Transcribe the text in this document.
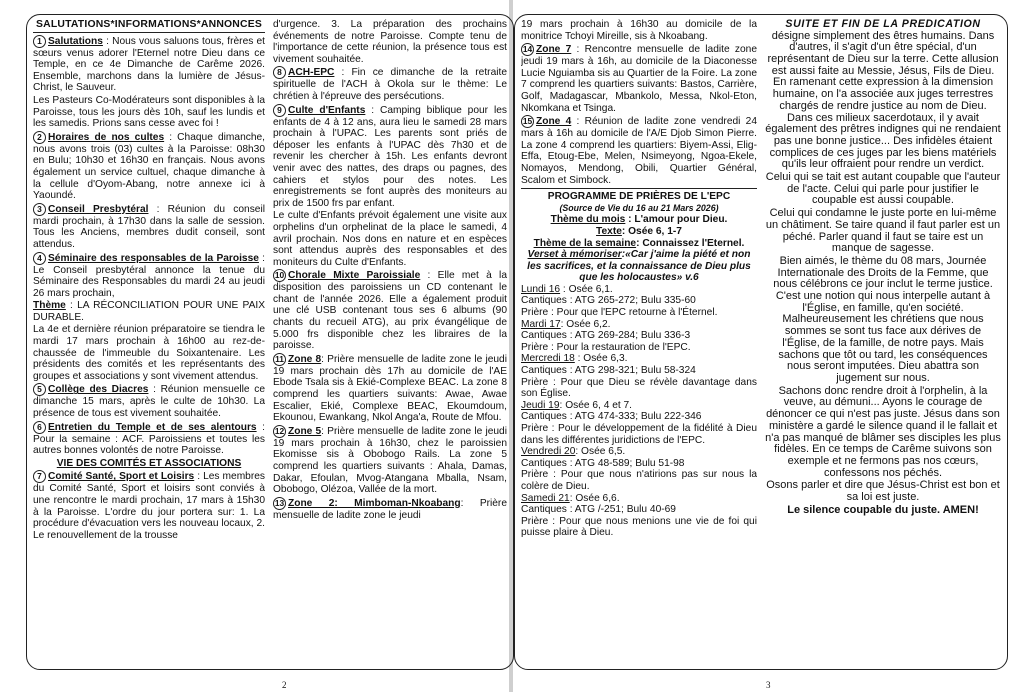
SALUTATIONS*INFORMATIONS*ANNONCES

1 Salutations : Nous vous saluons tous, frères et sœurs venus adorer l'Eternel notre Dieu dans ce Temple, en ce 4e Dimanche de Carême 2026. Ensemble, marchons dans la lumière de Jésus-Christ, le Sauveur.

Les Pasteurs Co-Modérateurs sont disponibles à la Paroisse, tous les jours dès 10h, sauf les lundis et les samedis. Prions sans cesse avec foi !

2 Horaires de nos cultes : Chaque dimanche, nous avons trois (03) cultes à la Paroisse: 08h30 en Bulu; 10h30 et 16h30 en français. Nous avons également un service cultuel, chaque dimanche à la cellule d'Oyom-Abang, notre annexe ici à Yaoundé.

3 Conseil Presbytéral : Réunion du conseil mardi prochain, à 17h30 dans la salle de session. Tous les Anciens, membres dudit conseil, sont attendus.

4 Séminaire des responsables de la Paroisse : Le Conseil presbytéral annonce la tenue du Séminaire des Responsables du mardi 24 au jeudi 26 mars prochain,

Thème : LA RÉCONCILIATION POUR UNE PAIX DURABLE.

La 4e et dernière réunion préparatoire se tiendra le mardi 17 mars prochain à 16h00 au rez-de-chaussée de l'immeuble du Soixantenaire. Les présidents des comités et les représentants des groupes et associations y sont vivement attendus.

5 Collège des Diacres : Réunion mensuelle ce dimanche 15 mars, après le culte de 10h30. La présence de tous est vivement souhaitée.

6 Entretien du Temple et de ses alentours : Pour la semaine : ACF. Paroissiens et toutes les autres bonnes volontés de notre Paroisse.

VIE DES COMITÉS ET ASSOCIATIONS

7 Comité Santé, Sport et Loisirs : Les membres du Comité Santé, Sport et loisirs sont conviés à une rencontre le mardi prochain, 17 mars à 15h30 à la Paroisse. L'ordre du jour portera sur: 1. La procédure d'évacuation vers les nouveau locaux, 2. Le renouvellement de la trousse

d'urgence. 3. La préparation des prochains événements de notre Paroisse. Compte tenu de l'importance de cette réunion, la présence tous est vivement souhaitée.

8 ACH-EPC : Fin ce dimanche de la retraite spirituelle de l'ACH à Okola sur le thème: Le chrétien à l'épreuve des persécutions.

9 Culte d'Enfants : Camping biblique pour les enfants de 4 à 12 ans, aura lieu le samedi 28 mars prochain à l'UPAC. Les parents sont priés de déposer les enfants à l'UPAC dès 7h30 et de revenir les chercher à 15h. Les enfants devront venir avec des nattes, des draps ou pagnes, des cahiers et stylos pour des notes. Les enregistrements se font auprès des moniteurs au prix de 1500 frs par enfant.

Le culte d'Enfants prévoit également une visite aux orphelins d'un orphelinat de la place le samedi, 4 avril prochain. Nos dons en nature et en espèces sont attendus auprès des responsables et des moniteurs du Culte d'Enfants.

10 Chorale Mixte Paroissiale : Elle met à la disposition des paroissiens un CD contenant le chant de l'année 2026. Elle a également produit une clé USB contenant tous ses 6 albums (90 chants du recueil ATG), au prix évangélique de 5.000 frs disponible chez les libraires de la paroisse.

11 Zone 8: Prière mensuelle de ladite zone le jeudi 19 mars prochain dès 17h au domicile de l'AE Ebode Tsala sis à Ekié-Complexe BEAC. La zone 8 comprend les quartiers suivants: Awae, Awae Escalier, Ekié, Complexe BEAC, Ekoumdoum, Ekounou, Ewankang, Nkol Anga'a, Route de Mfou.

12 Zone 5: Prière mensuelle de ladite zone le jeudi 19 mars prochain à 16h30, chez le paroissien Ekomisse sis à Obobogo Rails. La zone 5 comprend les quartiers suivants : Ahala, Damas, Dakar, Efoulan, Mvog-Atangana Mballa, Nsam, Obobogo, Olézoa, Vallée de la mort.

13 Zone 2: Mimboman-Nkoabang: Prière mensuelle de ladite zone le jeudi

19 mars prochain à 16h30 au domicile de la monitrice Tchoyi Mireille, sis à Nkoabang.

14 Zone 7 : Rencontre mensuelle de ladite zone jeudi 19 mars à 16h, au domicile de la Diaconesse Lucie Nguiamba sis au Quartier de la Foire. La zone 7 comprend les quartiers suivants: Bastos, Carrière, Golf, Madagascar, Mbankolo, Messa, Nkol-Eton, Nkomkana et Tsinga.

15 Zone 4 : Réunion de ladite zone vendredi 24 mars à 16h au domicile de l'A/E Djob Simon Pierre. La zone 4 comprend les quartiers: Biyem-Assi, Elig-Effa, Etoug-Ebe, Melen, Nsimeyong, Ngoa-Ekele, Nomayos, Mendong, Obili, Quartier Général, Scalom et Simbock.

PROGRAMME DE PRIÈRES DE L'EPC
(Source de Vie du 16 au 21 Mars 2026)
Thème du mois : L'amour pour Dieu.
Texte: Osée 6, 1-7
Thème de la semaine: Connaissez l'Eternel.
Verset à mémoriser:«Car j'aime la piété et non les sacrifices, et la connaissance de Dieu plus que les holocaustes» v.6
Lundi 16 : Osée 6,1.
Cantiques : ATG 265-272; Bulu 335-60
Prière : Pour que l'EPC retourne à l'Éternel.
Mardi 17: Osée 6,2.
Cantiques : ATG 269-284; Bulu 336-3
Prière : Pour la restauration de l'EPC.
Mercredi 18 : Osée 6,3.
Cantiques : ATG 298-321; Bulu 58-324
Prière : Pour que Dieu se révèle davantage dans son Église.
Jeudi 19: Osée 6, 4 et 7.
Cantiques : ATG 474-333; Bulu 222-346
Prière : Pour le développement de la fidélité à Dieu dans les différentes juridictions de l'EPC.
Vendredi 20: Osée 6,5.
Cantiques : ATG 48-589; Bulu 51-98
Prière : Pour que nous n'atirions pas sur nous la colère de Dieu.
Samedi 21: Osée 6,6.
Cantiques : ATG /-251; Bulu 40-69
Prière : Pour que nous menions une vie de foi qui puisse plaire à Dieu.
SUITE ET FIN DE LA PRÉDICATION

désigne simplement des êtres humains. Dans d'autres, il s'agit d'un être spécial, d'un représentant de Dieu sur la terre. Cette allusion est aussi faite au Messie, Jésus, Fils de Dieu. En ramenant cette expression à la dimension humaine, on l'a associée aux juges terrestres chargés de rendre justice au nom de Dieu. Dans ces milieux sacerdotaux, il y avait également des prêtres indignes qui ne rendaient pas une bonne justice... Des infidèles étaient complices de ces juges par les biens matériels qu'ils leur offraient pour rendre un verdict.

Celui qui se tait est autant coupable que l'auteur de l'acte. Celui qui parle pour justifier le coupable est aussi coupable.

Celui qui condamne le juste porte en lui-même un châtiment. Se taire quand il faut parler est un péché. Parler quand il faut se taire est un manque de sagesse.

Bien aimés, le thème du 08 mars, Journée Internationale des Droits de la Femme, que nous célébrons ce jour inclut le terme justice. C'est une notion qui nous interpelle autant à l'Église, en famille, qu'en société. Malheureusement les chrétiens que nous sommes se sont tus face aux dérives de l'Église, de la famille, de notre pays. Mais sachons que tôt ou tard, les conséquences nous seront imputées. Dieu abattra son jugement sur nous.

Sachons donc rendre droit à l'orphelin, à la veuve, au démuni... Ayons le courage de dénoncer ce qui n'est pas juste. Jésus dans son ministère a gardé le silence quand il le fallait et n'a pas manqué de blâmer ses disciples les plus fidèles. En ce temps de Carême suivons son exemple et ne fermons pas nos cœurs, confessons nos péchés.

Osons parler et dire que Jésus-Christ est bon et sa loi est juste.

Le silence coupable du juste. AMEN!
2	3
